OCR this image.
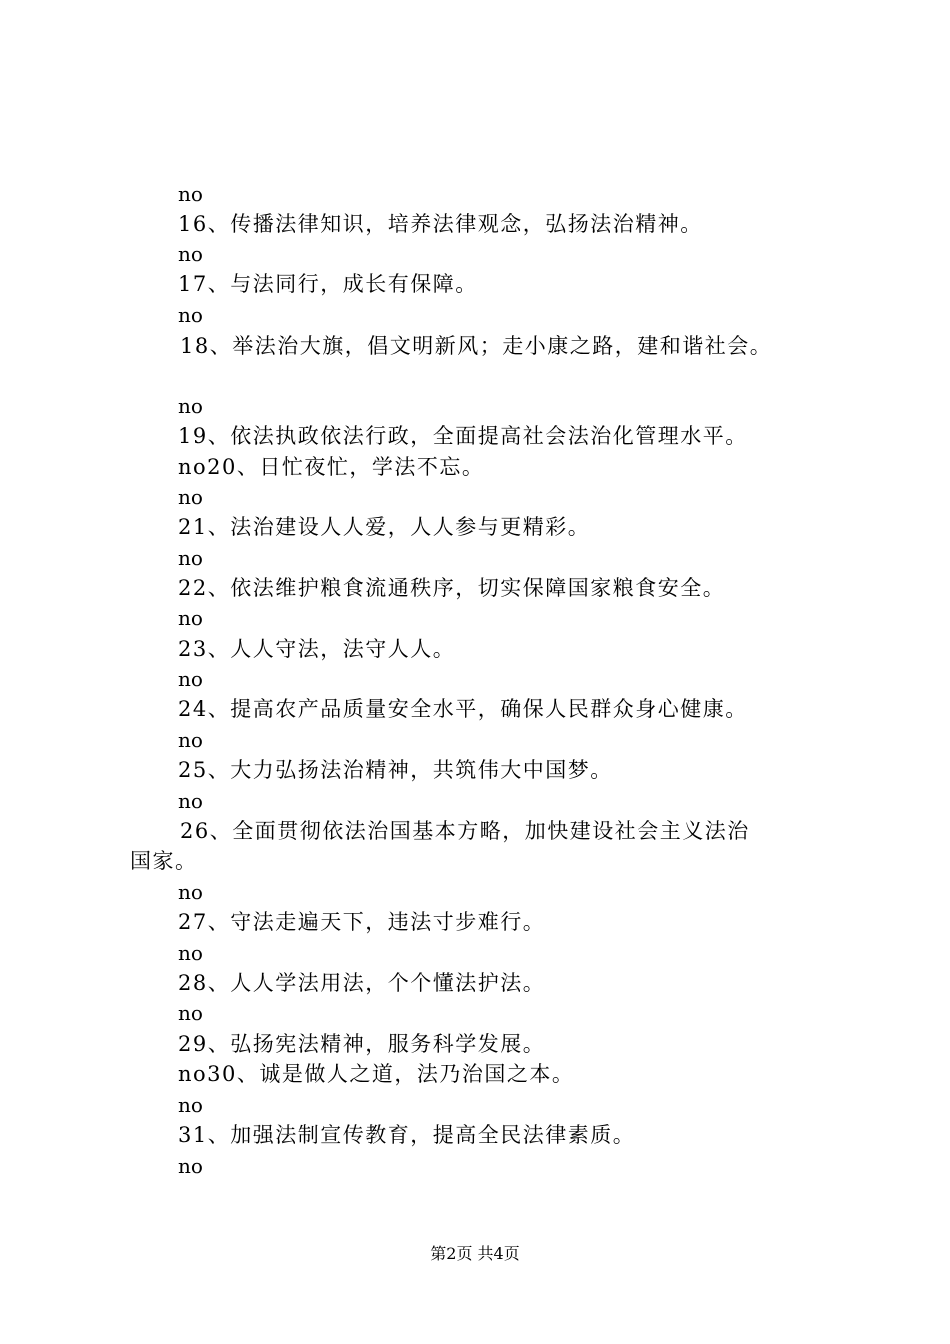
no
16、传播法律知识，培养法律观念，弘扬法治精神。
no
17、与法同行，成长有保障。
no
18、举法治大旗，倡文明新风；走小康之路，建和谐社会。
no
19、依法执政依法行政，全面提高社会法治化管理水平。
no20、日忙夜忙，学法不忘。
no
21、法治建设人人爱，人人参与更精彩。
no
22、依法维护粮食流通秩序，切实保障国家粮食安全。
no
23、人人守法，法守人人。
no
24、提高农产品质量安全水平，确保人民群众身心健康。
no
25、大力弘扬法治精神，共筑伟大中国梦。
no
26、全面贯彻依法治国基本方略，加快建设社会主义法治
国家。
no
27、守法走遍天下，违法寸步难行。
no
28、人人学法用法，个个懂法护法。
no
29、弘扬宪法精神，服务科学发展。
no30、诚是做人之道，法乃治国之本。
no
31、加强法制宣传教育，提高全民法律素质。
no
第2页 共4页
